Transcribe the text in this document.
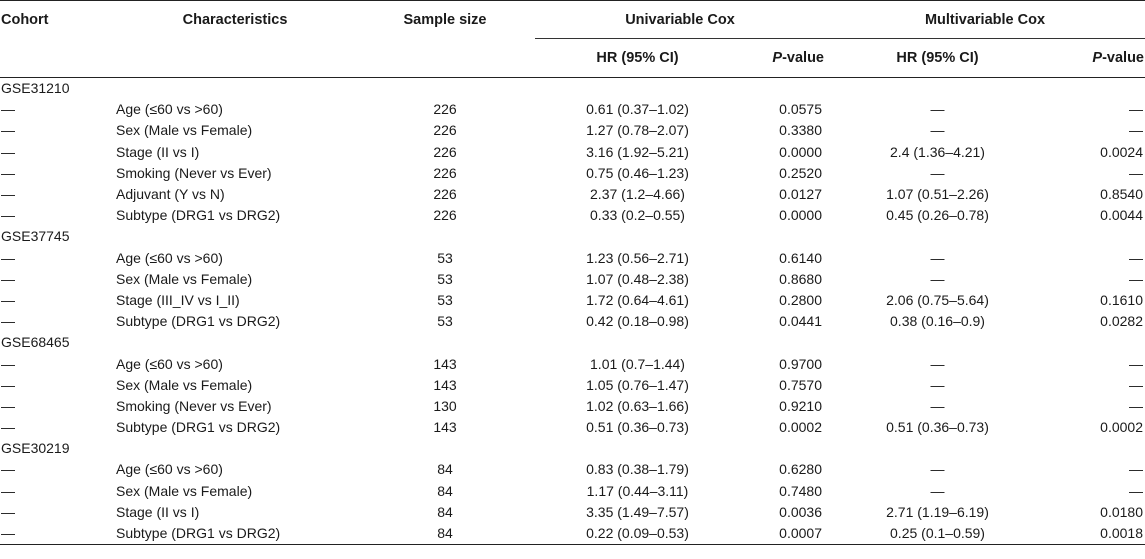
Cohort	Characteristics	Sample size	Univariable Cox		Multivariable Cox	
			HR (95% CI)	P-value	HR (95% CI)	P-value
GSE31210						
—	Age (≤60 vs >60)	226	0.61 (0.37–1.02)	0.0575	—	—
—	Sex (Male vs Female)	226	1.27 (0.78–2.07)	0.3380	—	—
—	Stage (II vs I)	226	3.16 (1.92–5.21)	0.0000	2.4 (1.36–4.21)	0.0024
—	Smoking (Never vs Ever)	226	0.75 (0.46–1.23)	0.2520	—	—
—	Adjuvant (Y vs N)	226	2.37 (1.2–4.66)	0.0127	1.07 (0.51–2.26)	0.8540
—	Subtype (DRG1 vs DRG2)	226	0.33 (0.2–0.55)	0.0000	0.45 (0.26–0.78)	0.0044
GSE37745						
—	Age (≤60 vs >60)	53	1.23 (0.56–2.71)	0.6140	—	—
—	Sex (Male vs Female)	53	1.07 (0.48–2.38)	0.8680	—	—
—	Stage (III_IV vs I_II)	53	1.72 (0.64–4.61)	0.2800	2.06 (0.75–5.64)	0.1610
—	Subtype (DRG1 vs DRG2)	53	0.42 (0.18–0.98)	0.0441	0.38 (0.16–0.9)	0.0282
GSE68465						
—	Age (≤60 vs >60)	143	1.01 (0.7–1.44)	0.9700	—	—
—	Sex (Male vs Female)	143	1.05 (0.76–1.47)	0.7570	—	—
—	Smoking (Never vs Ever)	130	1.02 (0.63–1.66)	0.9210	—	—
—	Subtype (DRG1 vs DRG2)	143	0.51 (0.36–0.73)	0.0002	0.51 (0.36–0.73)	0.0002
GSE30219						
—	Age (≤60 vs >60)	84	0.83 (0.38–1.79)	0.6280	—	—
—	Sex (Male vs Female)	84	1.17 (0.44–3.11)	0.7480	—	—
—	Stage (II vs I)	84	3.35 (1.49–7.57)	0.0036	2.71 (1.19–6.19)	0.0180
—	Subtype (DRG1 vs DRG2)	84	0.22 (0.09–0.53)	0.0007	0.25 (0.1–0.59)	0.0018
